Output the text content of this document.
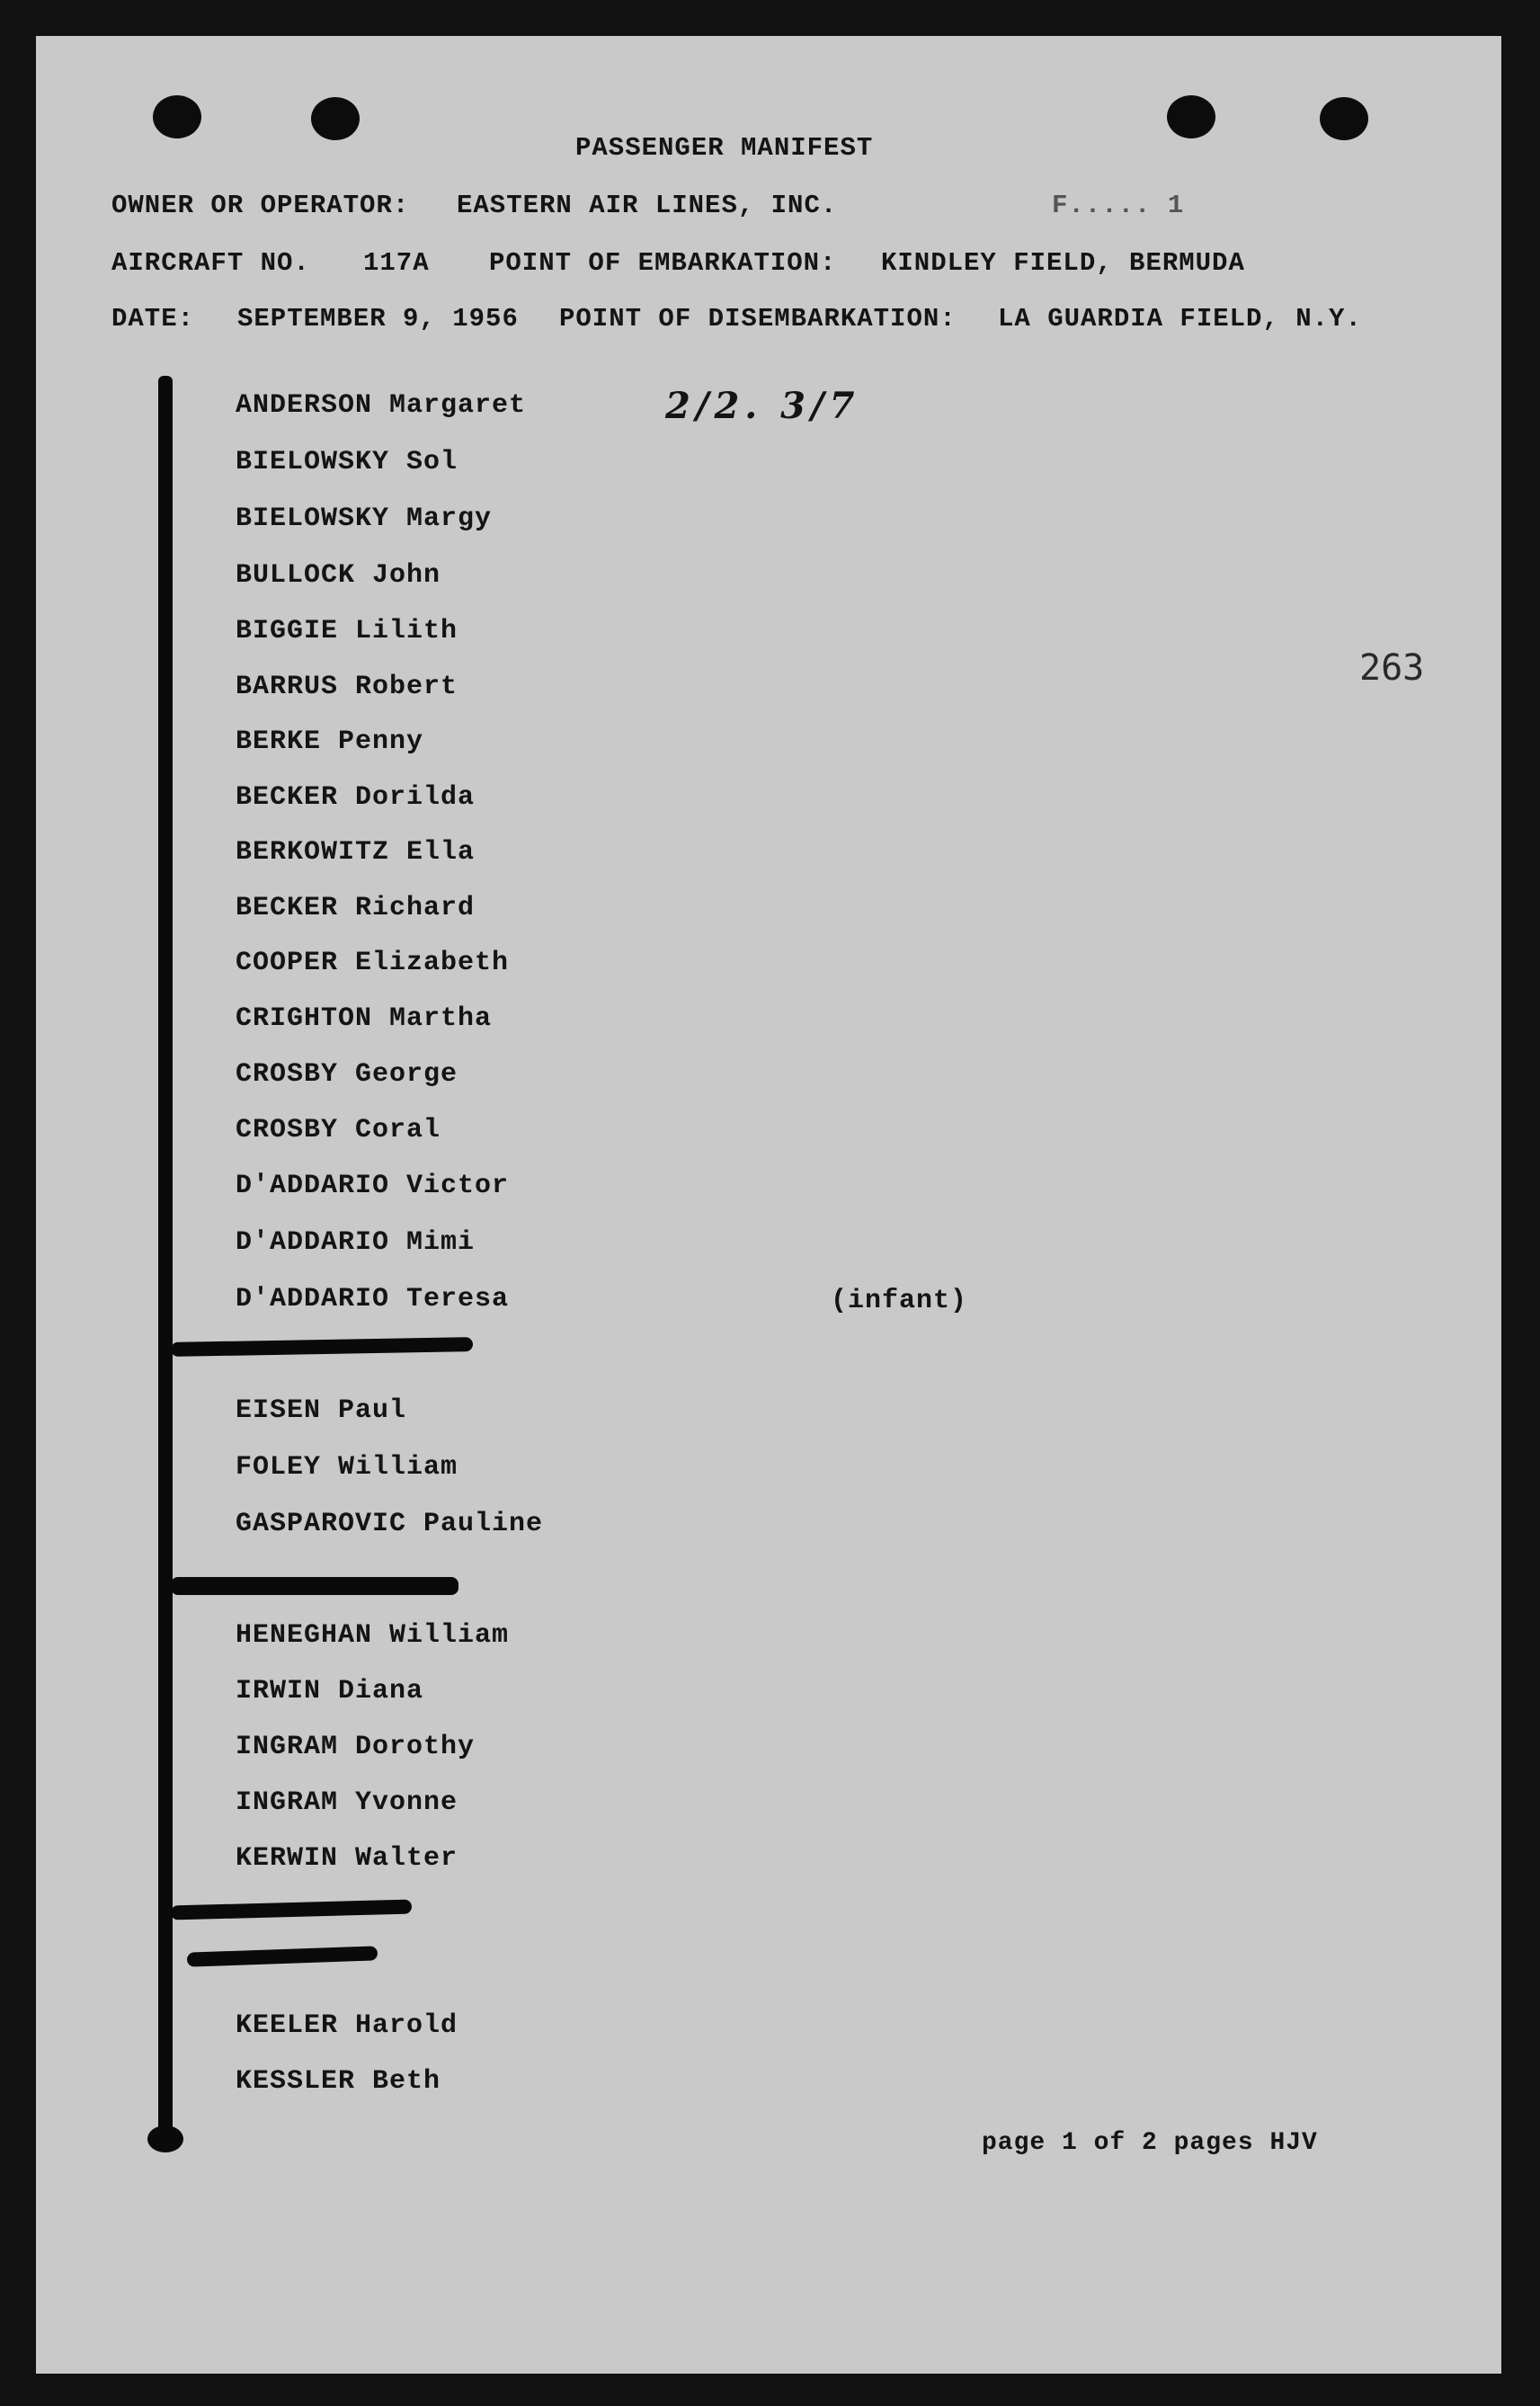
PASSENGER MANIFEST
OWNER OR OPERATOR: EASTERN AIR LINES, INC.	F..... 1
AIRCRAFT NO. 117A POINT OF EMBARKATION: KINDLEY FIELD, BERMUDA
DATE: SEPTEMBER 9, 1956 POINT OF DISEMBARKATION: LA GUARDIA FIELD, N.Y.
2/2. 3/7
263
ANDERSON Margaret
BIELOWSKY Sol
BIELOWSKY Margy
BULLOCK John
BIGGIE Lilith
BARRUS Robert
BERKE Penny
BECKER Dorilda
BERKOWITZ Ella
BECKER Richard
COOPER Elizabeth
CRIGHTON Martha
CROSBY George
CROSBY Coral
D'ADDARIO Victor
D'ADDARIO Mimi
D'ADDARIO Teresa	(infant)
EISEN Paul
FOLEY William
GASPAROVIC Pauline
HENEGHAN William
IRWIN Diana
INGRAM Dorothy
INGRAM Yvonne
KERWIN Walter
KEELER Harold
KESSLER Beth
page 1 of 2 pages HJV
